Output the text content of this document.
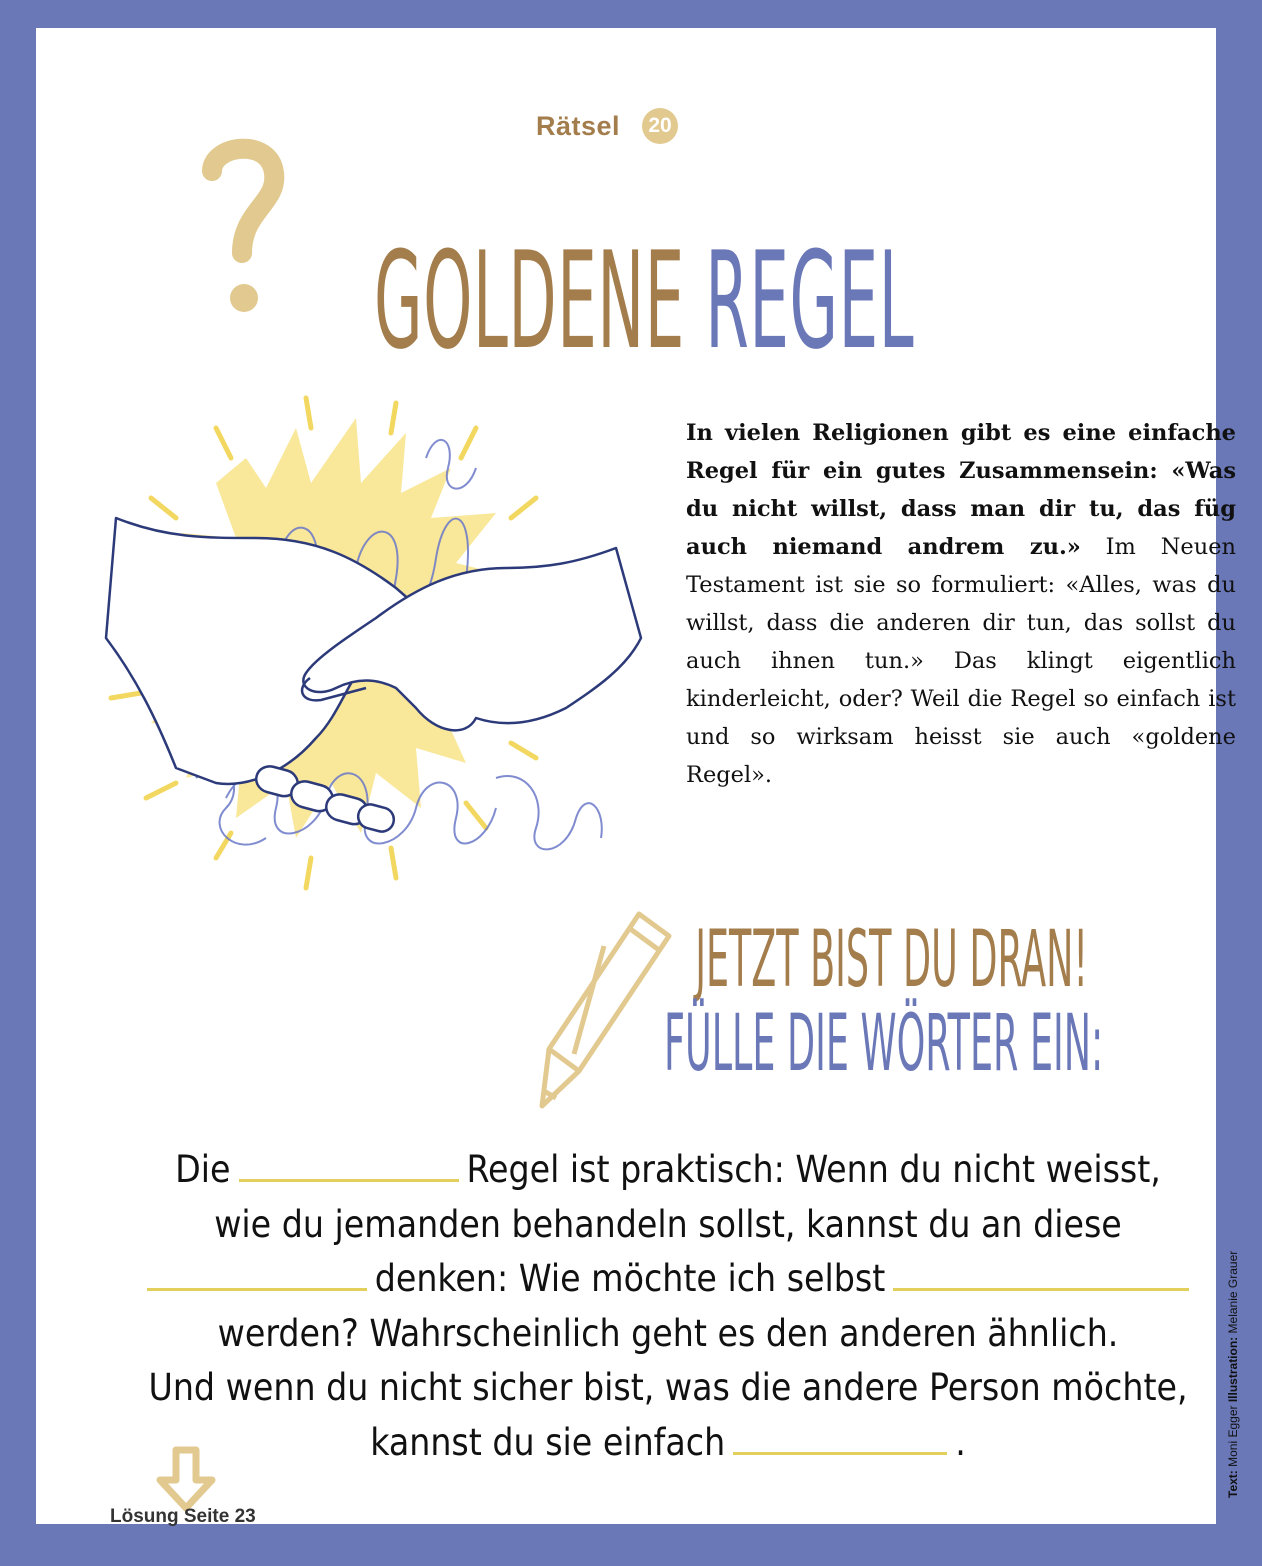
Rätsel	20
GOLDENE REGEL
In vielen Religionen gibt es eine einfache Regel für ein gutes Zusammensein: «Was du nicht willst, dass man dir tu, das füg auch niemand andrem zu.» Im Neuen Testament ist sie so formuliert: «Alles, was du willst, dass die anderen dir tun, das sollst du auch ihnen tun.» Das klingt eigentlich kinderleicht, oder? Weil die Regel so einfach ist und so wirksam heisst sie auch «goldene Regel».
JETZT BIST DU DRAN!
FÜLLE DIE WÖRTER EIN:
Die	Regel ist praktisch: Wenn du nicht weisst,
wie du jemanden behandeln sollst, kannst du an diese
denken: Wie möchte ich selbst
werden? Wahrscheinlich geht es den anderen ähnlich.
Und wenn du nicht sicher bist, was die andere Person möchte,
kannst du sie einfach	.
Lösung Seite 23
Text: Moni Egger Illustration: Melanie Grauer
